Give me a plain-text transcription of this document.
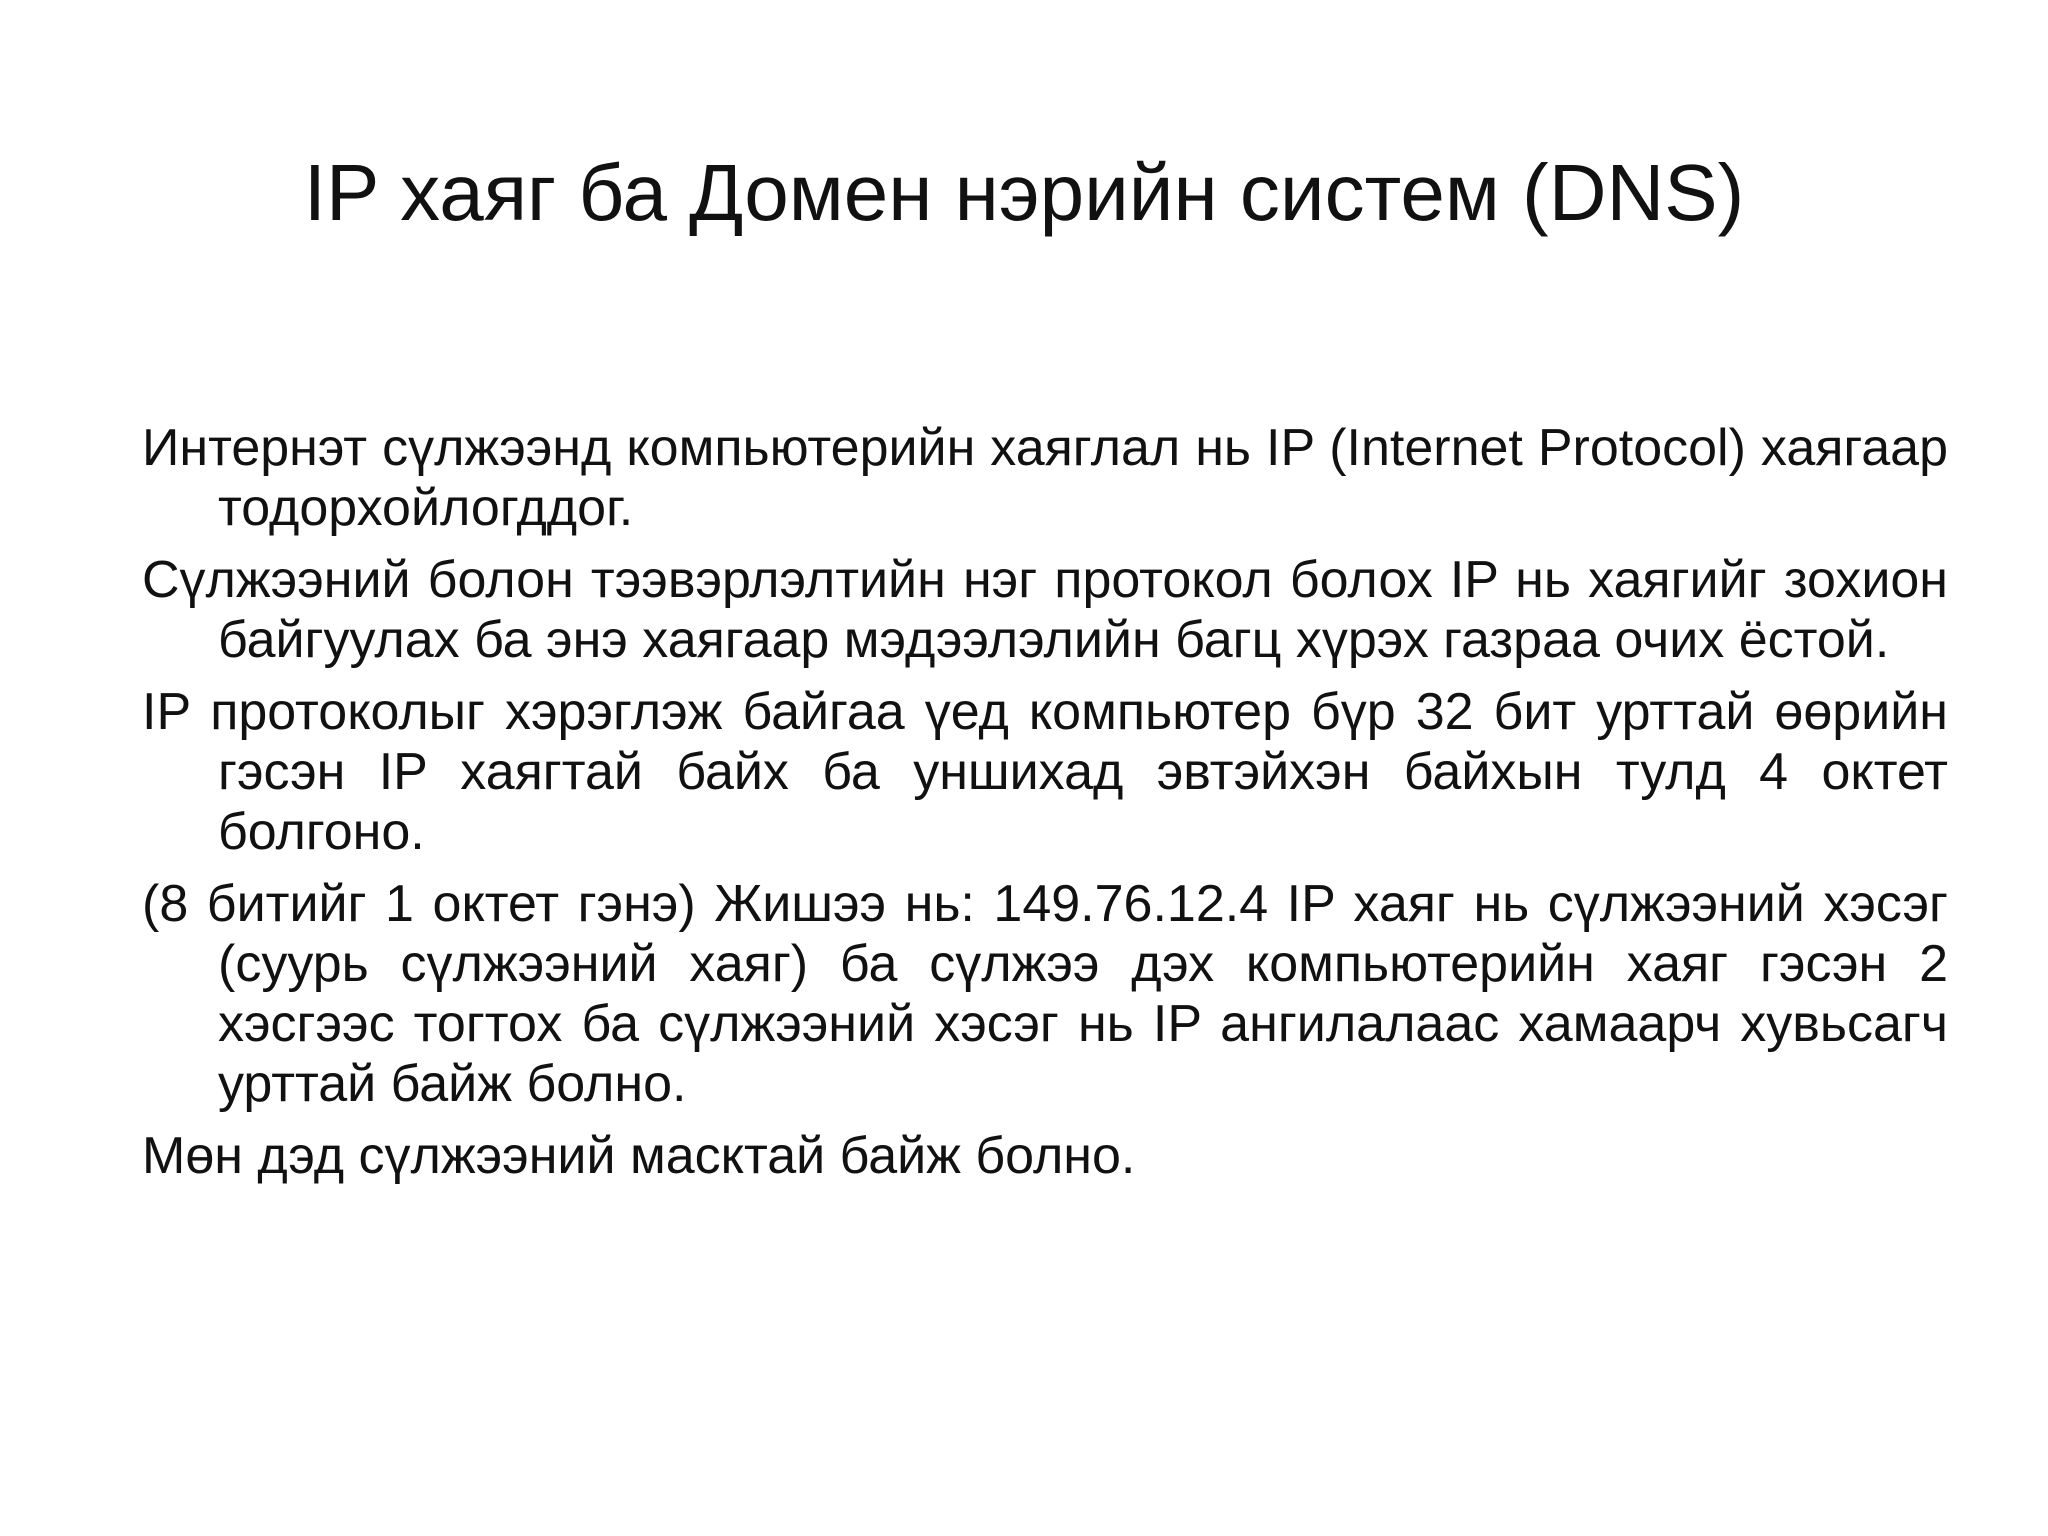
IP хаяг ба Домен нэрийн систем (DNS)

Интернэт сүлжээнд компьютерийн хаяглал нь IP (Internet Protocol) хаягаар тодорхойлогддог.

Сүлжээний болон тээвэрлэлтийн нэг протокол болох IP нь хаягийг зохион байгуулах ба энэ хаягаар мэдээлэлийн багц хүрэх газраа очих ёстой.

IP протоколыг хэрэглэж байгаа үед компьютер бүр 32 бит урттай өөрийн гэсэн IP хаягтай байх ба уншихад эвтэйхэн байхын тулд 4 октет болгоно.

(8 битийг 1 октет гэнэ) Жишээ нь: 149.76.12.4 IP хаяг нь сүлжээний хэсэг (суурь сүлжээний хаяг) ба сүлжээ дэх компьютерийн хаяг гэсэн 2 хэсгээс тогтох ба сүлжээний хэсэг нь IP ангилалаас хамаарч хувьсагч урттай байж болно.

Мөн дэд сүлжээний масктай байж болно.
